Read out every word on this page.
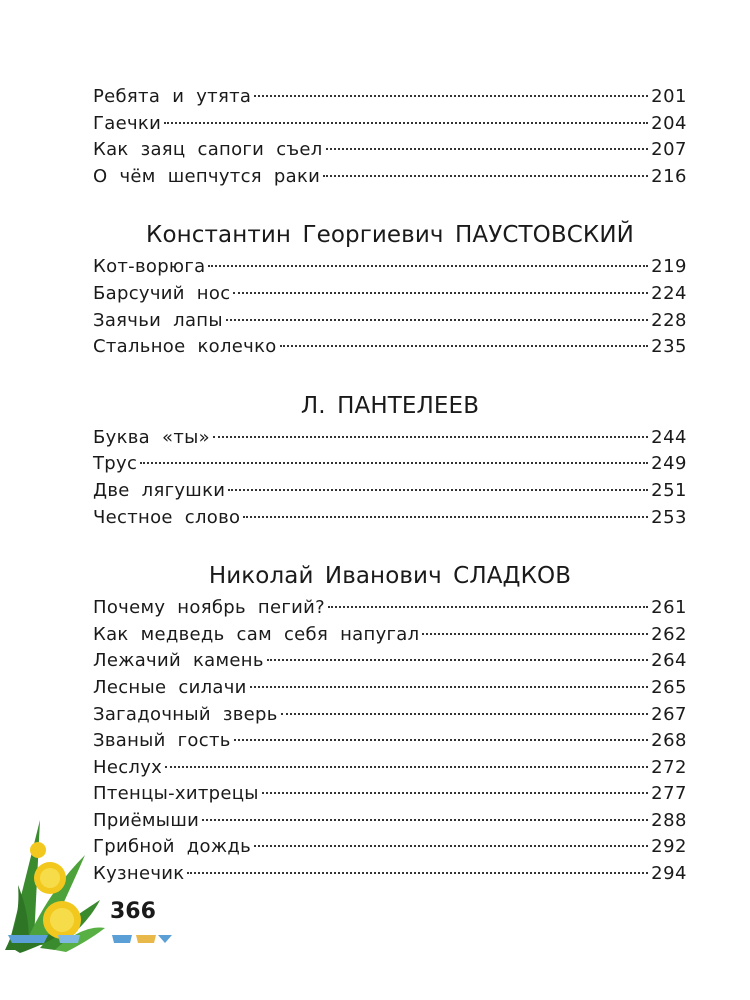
Ребята и утята	201
Гаечки	204
Как заяц сапоги съел	207
О чём шепчутся раки	216
Константин Георгиевич ПАУСТОВСКИЙ
Кот-ворюга	219
Барсучий нос	224
Заячьи лапы	228
Стальное колечко	235
Л. ПАНТЕЛЕЕВ
Буква «ты»	244
Трус	249
Две лягушки	251
Честное слово	253
Николай Иванович СЛАДКОВ
Почему ноябрь пегий?	261
Как медведь сам себя напугал	262
Лежачий камень	264
Лесные силачи	265
Загадочный зверь	267
Званый гость	268
Неслух	272
Птенцы-хитрецы	277
Приёмыши	288
Грибной дождь	292
Кузнечик	294
366
